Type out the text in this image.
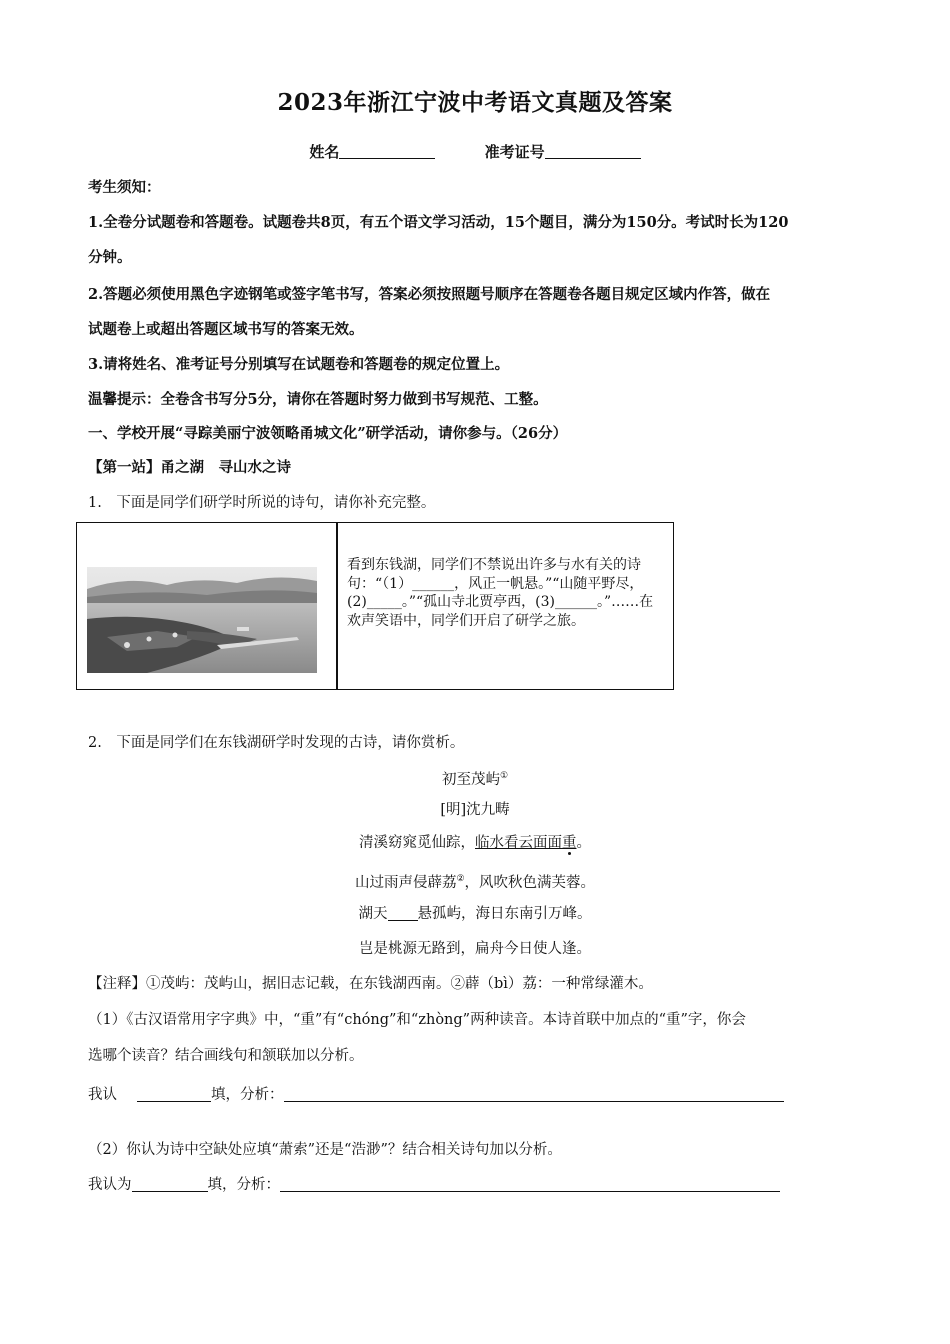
2023年浙江宁波中考语文真题及答案
姓名	准考证号
考生须知：
1.全卷分试题卷和答题卷。试题卷共8页，有五个语文学习活动，15个题目，满分为150分。考试时长为120
分钟。
2.答题必须使用黑色字迹钢笔或签字笔书写，答案必须按照题号顺序在答题卷各题目规定区域内作答，做在
试题卷上或超出答题区域书写的答案无效。
3.请将姓名、准考证号分别填写在试题卷和答题卷的规定位置上。
温馨提示：全卷含书写分5分，请你在答题时努力做到书写规范、工整。
一、学校开展“寻踪美丽宁波领略甬城文化”研学活动，请你参与。（26分）
【第一站】甬之湖　寻山水之诗
1.　下面是同学们研学时所说的诗句，请你补充完整。
看到东钱湖，同学们不禁说出许多与水有关的诗句：“（1）______，风正一帆悬。”“山随平野尽，(2)_____。”“孤山寺北贾亭西，(3)______。”……在欢声笑语中，同学们开启了研学之旅。
2.　下面是同学们在东钱湖研学时发现的古诗，请你赏析。
初至茂屿①
[明]沈九畴
清溪窈窕觅仙踪，临水看云面面重。
山过雨声侵薜荔②，风吹秋色满芙蓉。
湖天 悬孤屿，海日东南引万峰。
岂是桃源无路到，扁舟今日使人逢。
【注释】①茂屿：茂屿山，据旧志记载，在东钱湖西南。②薜（bì）荔：一种常绿灌木。
（1）《古汉语常用字字典》中，“重”有“chóng”和“zhòng”两种读音。本诗首联中加点的“重”字，你会
选哪个读音？结合画线句和颔联加以分析。
我认	填，分析：
（2）你认为诗中空缺处应填“萧索”还是“浩渺”？结合相关诗句加以分析。
我认为	填，分析：
